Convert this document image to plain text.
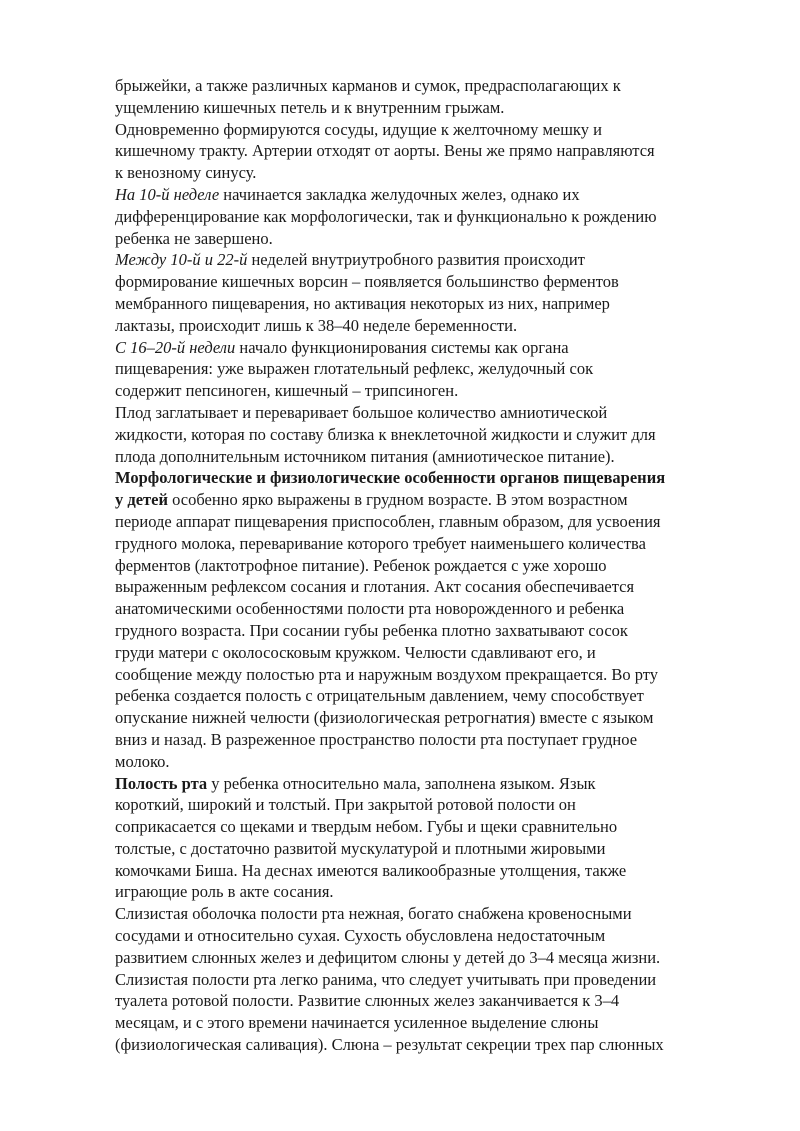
брыжейки, а также различных карманов и сумок, предрасполагающих к
ущемлению кишечных петель и к внутренним грыжам.
Одновременно формируются сосуды, идущие к желточному мешку и
кишечному тракту. Артерии отходят от аорты. Вены же прямо направляются
к венозному синусу.
На 10-й неделе начинается закладка желудочных желез, однако их
дифференцирование как морфологически, так и функционально к рождению
ребенка не завершено.
Между 10-й и 22-й неделей внутриутробного развития происходит
формирование кишечных ворсин – появляется большинство ферментов
мембранного пищеварения, но активация некоторых из них, например
лактазы, происходит лишь к 38–40 неделе беременности.
С 16–20-й недели начало функционирования системы как органа
пищеварения: уже выражен глотательный рефлекс, желудочный сок
содержит пепсиноген, кишечный – трипсиноген.
Плод заглатывает и переваривает большое количество амниотической
жидкости, которая по составу близка к внеклеточной жидкости и служит для
плода дополнительным источником питания (амниотическое питание).
Морфологические и физиологические особенности органов пищеварения
у детей особенно ярко выражены в грудном возрасте. В этом возрастном
периоде аппарат пищеварения приспособлен, главным образом, для усвоения
грудного молока, переваривание которого требует наименьшего количества
ферментов (лактотрофное питание). Ребенок рождается с уже хорошо
выраженным рефлексом сосания и глотания. Акт сосания обеспечивается
анатомическими особенностями полости рта новорожденного и ребенка
грудного возраста. При сосании губы ребенка плотно захватывают сосок
груди матери с околососковым кружком. Челюсти сдавливают его, и
сообщение между полостью рта и наружным воздухом прекращается. Во рту
ребенка создается полость с отрицательным давлением, чему способствует
опускание нижней челюсти (физиологическая ретрогнатия) вместе с языком
вниз и назад. В разреженное пространство полости рта поступает грудное
молоко.
Полость рта у ребенка относительно мала, заполнена языком. Язык
короткий, широкий и толстый. При закрытой ротовой полости он
соприкасается со щеками и твердым небом. Губы и щеки сравнительно
толстые, с достаточно развитой мускулатурой и плотными жировыми
комочками Биша. На деснах имеются валикообразные утолщения, также
играющие роль в акте сосания.
Слизистая оболочка полости рта нежная, богато снабжена кровеносными
сосудами и относительно сухая. Сухость обусловлена недостаточным
развитием слюнных желез и дефицитом слюны у детей до 3–4 месяца жизни.
Слизистая полости рта легко ранима, что следует учитывать при проведении
туалета ротовой полости. Развитие слюнных желез заканчивается к 3–4
месяцам, и с этого времени начинается усиленное выделение слюны
(физиологическая саливация). Слюна – результат секреции трех пар слюнных
